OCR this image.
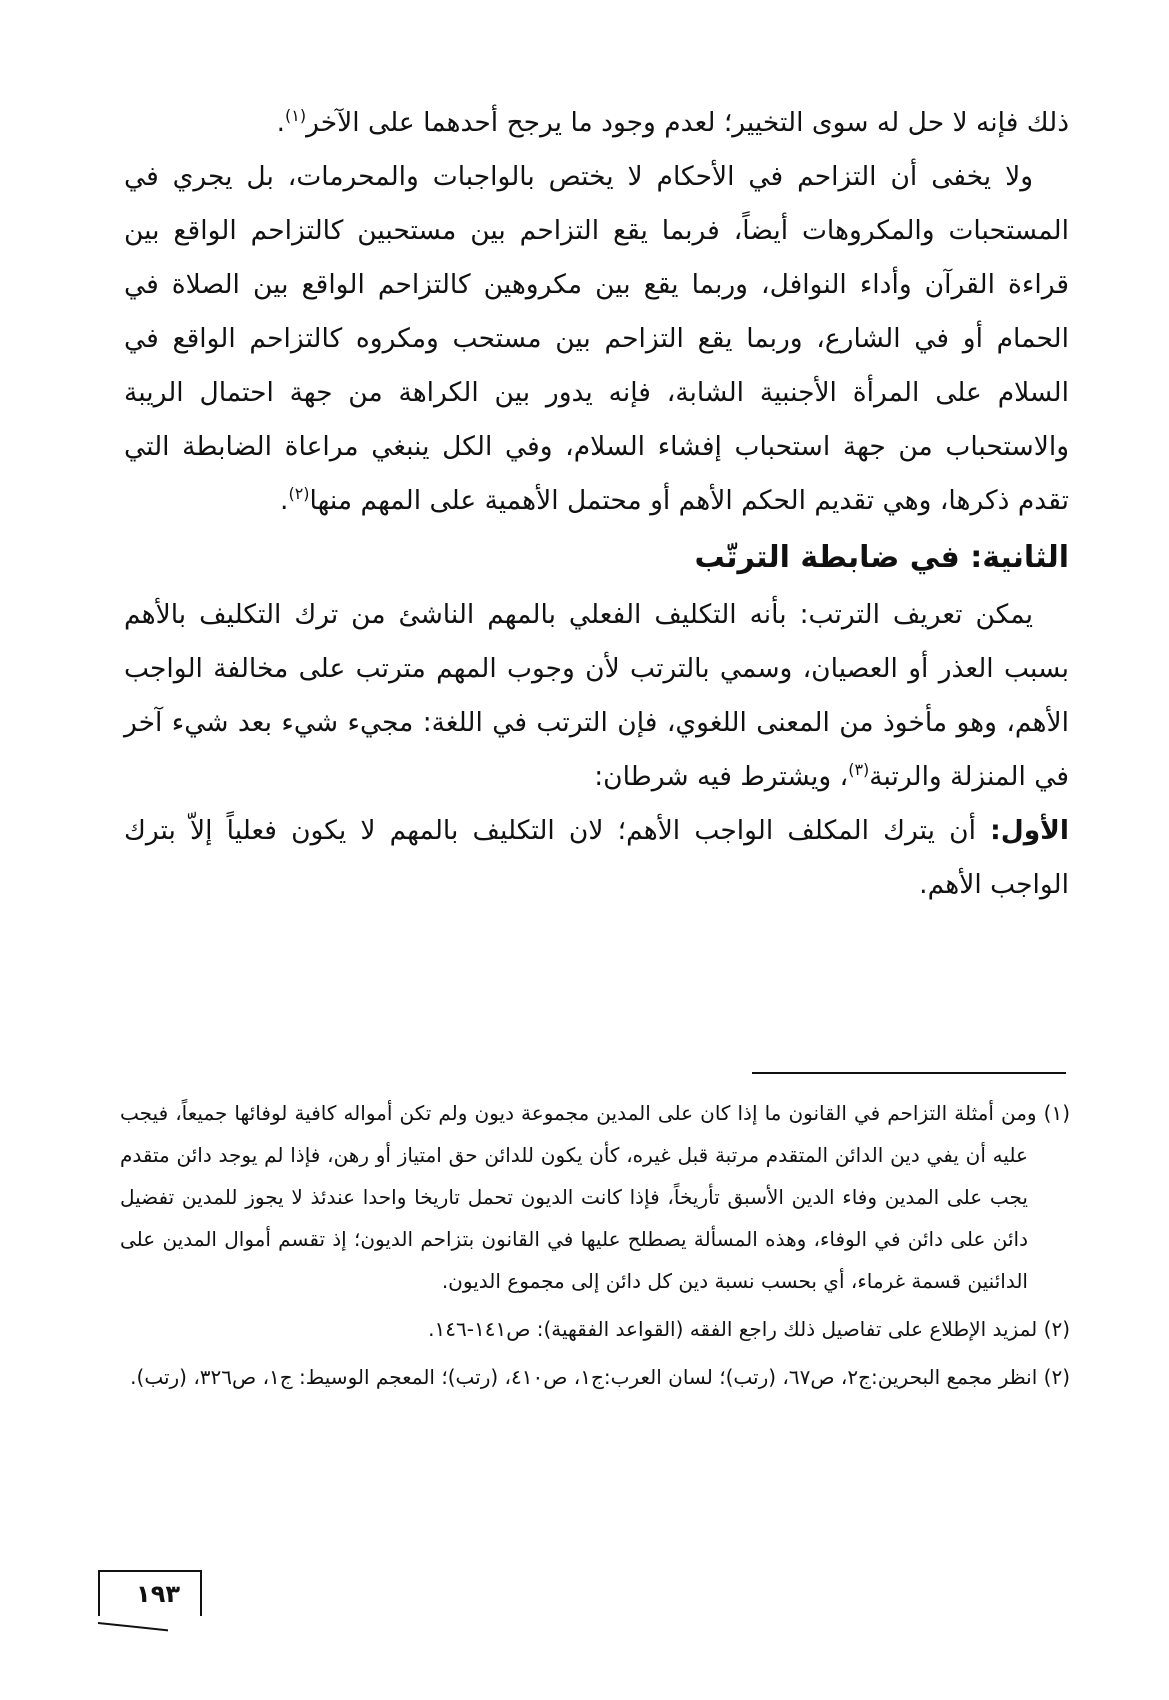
ذلك فإنه لا حل له سوى التخيير؛ لعدم وجود ما يرجح أحدهما على الآخر$^{(١)}$.

ولا يخفى أن التزاحم في الأحكام لا يختص بالواجبات والمحرمات، بل يجري في المستحبات والمكروهات أيضاً، فربما يقع التزاحم بين مستحبين كالتزاحم الواقع بين قراءة القرآن وأداء النوافل، وربما يقع بين مكروهين كالتزاحم الواقع بين الصلاة في الحمام أو في الشارع، وربما يقع التزاحم بين مستحب ومكروه كالتزاحم الواقع في السلام على المرأة الأجنبية الشابة، فإنه يدور بين الكراهة من جهة احتمال الريبة والاستحباب من جهة استحباب إفشاء السلام، وفي الكل ينبغي مراعاة الضابطة التي تقدم ذكرها، وهي تقديم الحكم الأهم أو محتمل الأهمية على المهم منها$^{(٢)}$.

الثانية: في ضابطة الترتّب

يمكن تعريف الترتب: بأنه التكليف الفعلي بالمهم الناشئ من ترك التكليف بالأهم بسبب العذر أو العصيان، وسمي بالترتب لأن وجوب المهم مترتب على مخالفة الواجب الأهم، وهو مأخوذ من المعنى اللغوي، فإن الترتب في اللغة: مجيء شيء بعد شيء آخر في المنزلة والرتبة$^{(٣)}$، ويشترط فيه شرطان:

الأول: أن يترك المكلف الواجب الأهم؛ لان التكليف بالمهم لا يكون فعلياً إلاّ بترك الواجب الأهم.

(١) ومن أمثلة التزاحم في القانون ما إذا كان على المدين مجموعة ديون ولم تكن أمواله كافية لوفائها جميعاً، فيجب عليه أن يفي دين الدائن المتقدم مرتبة قبل غيره، كأن يكون للدائن حق امتياز أو رهن، فإذا لم يوجد دائن متقدم يجب على المدين وفاء الدين الأسبق تأريخاً، فإذا كانت الديون تحمل تاريخا واحدا عندئذ لا يجوز للمدين تفضيل دائن على دائن في الوفاء، وهذه المسألة يصطلح عليها في القانون بتزاحم الديون؛ إذ تقسم أموال المدين على الدائنين قسمة غرماء، أي بحسب نسبة دين كل دائن إلى مجموع الديون.

(٢) لمزيد الإطلاع على تفاصيل ذلك راجع الفقه (القواعد الفقهية): ص١٤١-١٤٦.

(٢) انظر مجمع البحرين:ج٢، ص٦٧، (رتب)؛ لسان العرب:ج١، ص٤١٠، (رتب)؛ المعجم الوسيط: ج١، ص٣٢٦، (رتب).

١٩٣
